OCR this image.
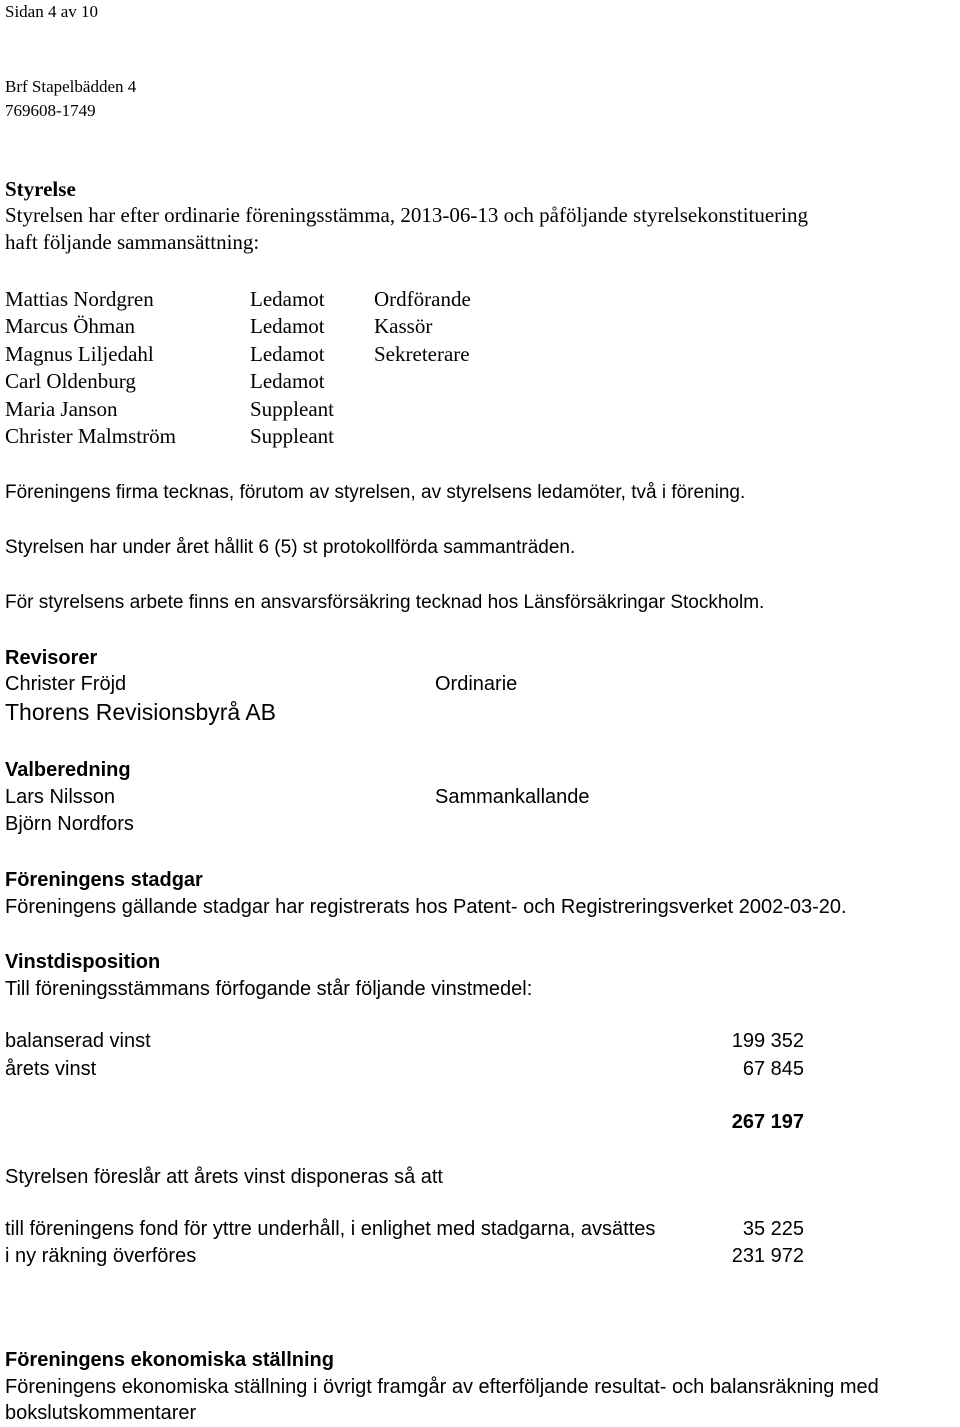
Sidan 4 av 10
Brf Stapelbädden 4
769608-1749
Styrelse
Styrelsen har efter ordinarie föreningsstämma, 2013-06-13 och påföljande styrelsekonstituering
haft följande sammansättning:
Mattias Nordgren	Ledamot Ordförande
Marcus Öhman	Ledamot Kassör
Magnus Liljedahl	Ledamot Sekreterare
Carl Oldenburg	Ledamot
Maria Janson	Suppleant
Christer Malmström	Suppleant
Föreningens firma tecknas, förutom av styrelsen, av styrelsens ledamöter, två i förening.
Styrelsen har under året hållit 6 (5) st protokollförda sammanträden.
För styrelsens arbete finns en ansvarsförsäkring tecknad hos Länsförsäkringar Stockholm.
Revisorer
Christer Fröjd	Ordinarie
Thorens Revisionsbyrå AB
Valberedning
Lars Nilsson	Sammankallande
Björn Nordfors
Föreningens stadgar
Föreningens gällande stadgar har registrerats hos Patent- och Registreringsverket 2002-03-20.
Vinstdisposition
Till föreningsstämmans förfogande står följande vinstmedel:
balanserad vinst	199 352
årets vinst	67 845
267 197
Styrelsen föreslår att årets vinst disponeras så att
till föreningens fond för yttre underhåll, i enlighet med stadgarna, avsättes	35 225
i ny räkning överföres	231 972
Föreningens ekonomiska ställning
Föreningens ekonomiska ställning i övrigt framgår av efterföljande resultat- och balansräkning med
bokslutskommentarer
